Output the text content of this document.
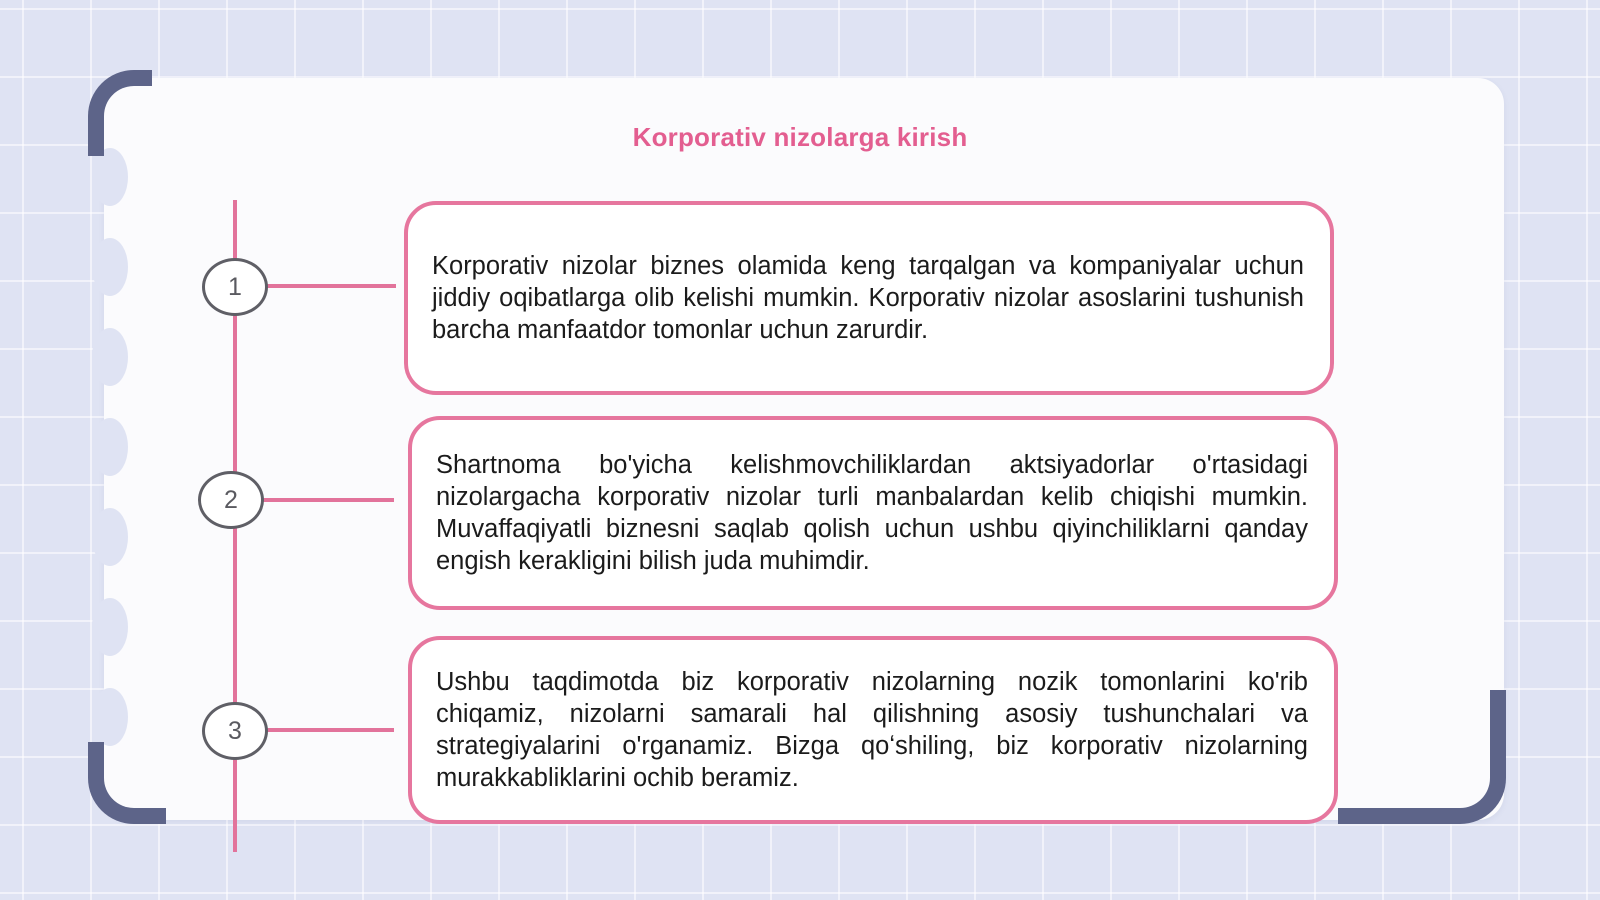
Korporativ nizolarga kirish
1

Korporativ nizolar biznes olamida keng tarqalgan va kompaniyalar uchun jiddiy oqibatlarga olib kelishi mumkin. Korporativ nizolar asoslarini tushunish barcha manfaatdor tomonlar uchun zarurdir.

2

Shartnoma bo'yicha kelishmovchiliklardan aktsiyadorlar o'rtasidagi nizolargacha korporativ nizolar turli manbalardan kelib chiqishi mumkin. Muvaffaqiyatli biznesni saqlab qolish uchun ushbu qiyinchiliklarni qanday engish kerakligini bilish juda muhimdir.

3

Ushbu taqdimotda biz korporativ nizolarning nozik tomonlarini ko'rib chiqamiz, nizolarni samarali hal qilishning asosiy tushunchalari va strategiyalarini o'rganamiz. Bizga qoʻshiling, biz korporativ nizolarning murakkabliklarini ochib beramiz.
